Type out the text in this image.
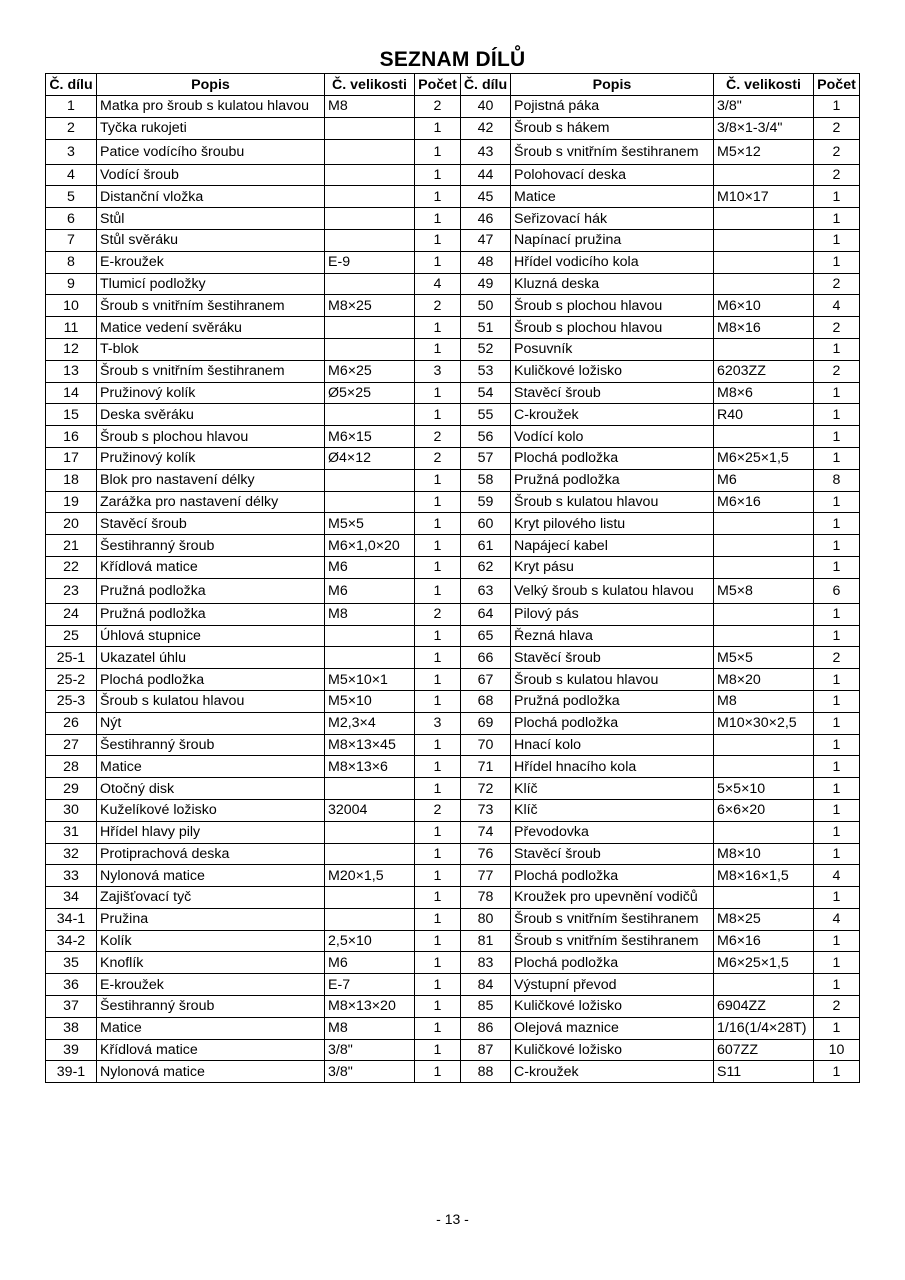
SEZNAM DÍLŮ
Č. dílu	Popis	Č. velikosti	Počet	Č. dílu	Popis	Č. velikosti	Počet
1	Matka pro šroub s kulatou hlavou	M8	2	40	Pojistná páka	3/8"	1
2	Tyčka rukojeti		1	42	Šroub s hákem	3/8×1-3/4"	2
3	Patice vodícího šroubu		1	43	Šroub s vnitřním šestihranem	M5×12	2
4	Vodící šroub		1	44	Polohovací deska		2
5	Distanční vložka		1	45	Matice	M10×17	1
6	Stůl		1	46	Seřizovací hák		1
7	Stůl svěráku		1	47	Napínací pružina		1
8	E-kroužek	E-9	1	48	Hřídel vodicího kola		1
9	Tlumicí podložky		4	49	Kluzná deska		2
10	Šroub s vnitřním šestihranem	M8×25	2	50	Šroub s plochou hlavou	M6×10	4
11	Matice vedení svěráku		1	51	Šroub s plochou hlavou	M8×16	2
12	T-blok		1	52	Posuvník		1
13	Šroub s vnitřním šestihranem	M6×25	3	53	Kuličkové ložisko	6203ZZ	2
14	Pružinový kolík	Ø5×25	1	54	Stavěcí šroub	M8×6	1
15	Deska svěráku		1	55	C-kroužek	R40	1
16	Šroub s plochou hlavou	M6×15	2	56	Vodící kolo		1
17	Pružinový kolík	Ø4×12	2	57	Plochá podložka	M6×25×1,5	1
18	Blok pro nastavení délky		1	58	Pružná podložka	M6	8
19	Zarážka pro nastavení délky		1	59	Šroub s kulatou hlavou	M6×16	1
20	Stavěcí šroub	M5×5	1	60	Kryt pilového listu		1
21	Šestihranný šroub	M6×1,0×20	1	61	Napájecí kabel		1
22	Křídlová matice	M6	1	62	Kryt pásu		1
23	Pružná podložka	M6	1	63	Velký šroub s kulatou hlavou	M5×8	6
24	Pružná podložka	M8	2	64	Pilový pás		1
25	Úhlová stupnice		1	65	Řezná hlava		1
25-1	Ukazatel úhlu		1	66	Stavěcí šroub	M5×5	2
25-2	Plochá podložka	M5×10×1	1	67	Šroub s kulatou hlavou	M8×20	1
25-3	Šroub s kulatou hlavou	M5×10	1	68	Pružná podložka	M8	1
26	Nýt	M2,3×4	3	69	Plochá podložka	M10×30×2,5	1
27	Šestihranný šroub	M8×13×45	1	70	Hnací kolo		1
28	Matice	M8×13×6	1	71	Hřídel hnacího kola		1
29	Otočný disk		1	72	Klíč	5×5×10	1
30	Kuželíkové ložisko	32004	2	73	Klíč	6×6×20	1
31	Hřídel hlavy pily		1	74	Převodovka		1
32	Protiprachová deska		1	76	Stavěcí šroub	M8×10	1
33	Nylonová matice	M20×1,5	1	77	Plochá podložka	M8×16×1,5	4
34	Zajišťovací tyč		1	78	Kroužek pro upevnění vodičů		1
34-1	Pružina		1	80	Šroub s vnitřním šestihranem	M8×25	4
34-2	Kolík	2,5×10	1	81	Šroub s vnitřním šestihranem	M6×16	1
35	Knoflík	M6	1	83	Plochá podložka	M6×25×1,5	1
36	E-kroužek	E-7	1	84	Výstupní převod		1
37	Šestihranný šroub	M8×13×20	1	85	Kuličkové ložisko	6904ZZ	2
38	Matice	M8	1	86	Olejová maznice	1/16(1/4×28T)	1
39	Křídlová matice	3/8"	1	87	Kuličkové ložisko	607ZZ	10
39-1	Nylonová matice	3/8"	1	88	C-kroužek	S11	1
- 13 -
